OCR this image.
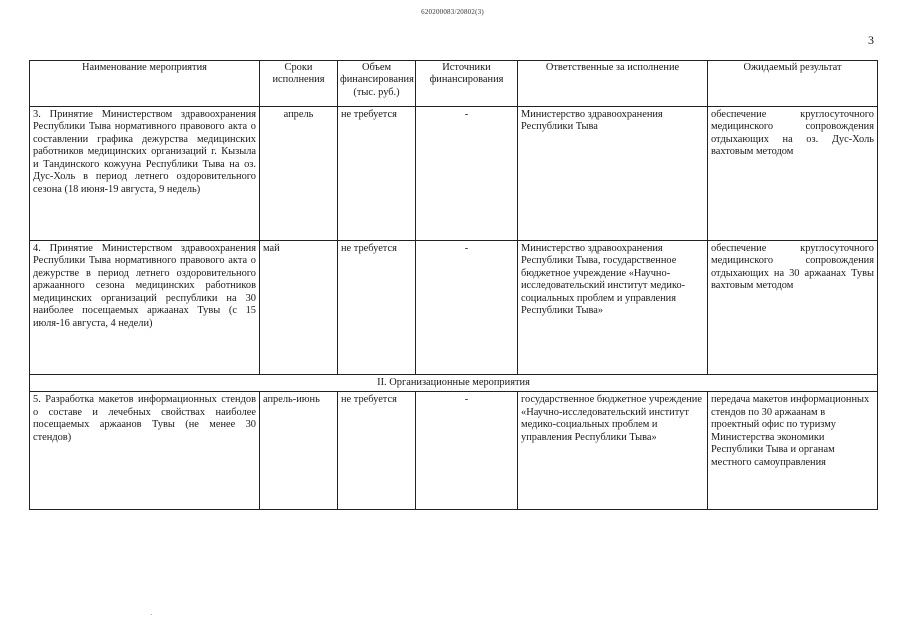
620200083/20802(3)
3
Наименование мероприятия	Сроки исполнения	Объем финансирования (тыс. руб.)	Источники финансирования	Ответственные за исполнение	Ожидаемый результат
3. Принятие Министерством здравоохранения Республики Тыва нормативного правового акта о составлении графика дежурства медицинских работников медицинских организаций г. Кызыла и Тандинского кожууна Республики Тыва на оз. Дус-Холь в период летнего оздоровительного сезона (18 июня-19 августа, 9 недель)	апрель	не требуется	-	Министерство здравоохранения Республики Тыва	обеспечение круглосуточного медицинского сопровождения отдыхающих на оз. Дус-Холь вахтовым методом
4. Принятие Министерством здравоохранения Республики Тыва нормативного правового акта о дежурстве в период летнего оздоровительного аржаанного сезона медицинских работников медицинских организаций республики на 30 наиболее посещаемых аржаанах Тувы (с 15 июля-16 августа, 4 недели)	май	не требуется	-	Министерство здравоохранения Республики Тыва, государственное бюджетное учреждение «Научно-исследовательский институт медико-социальных проблем и управления Республики Тыва»	обеспечение круглосуточного медицинского сопровождения отдыхающих на 30 аржаанах Тувы вахтовым методом
II. Организационные мероприятия					
5. Разработка макетов информационных стендов о составе и лечебных свойствах наиболее посещаемых аржаанов Тувы (не менее 30 стендов)	апрель-июнь	не требуется	-	государственное бюджетное учреждение «Научно-исследовательский институт медико-социальных проблем и управления Республики Тыва»	передача макетов информационных стендов по 30 аржаанам в проектный офис по туризму Министерства экономики Республики Тыва и органам местного самоуправления
·
